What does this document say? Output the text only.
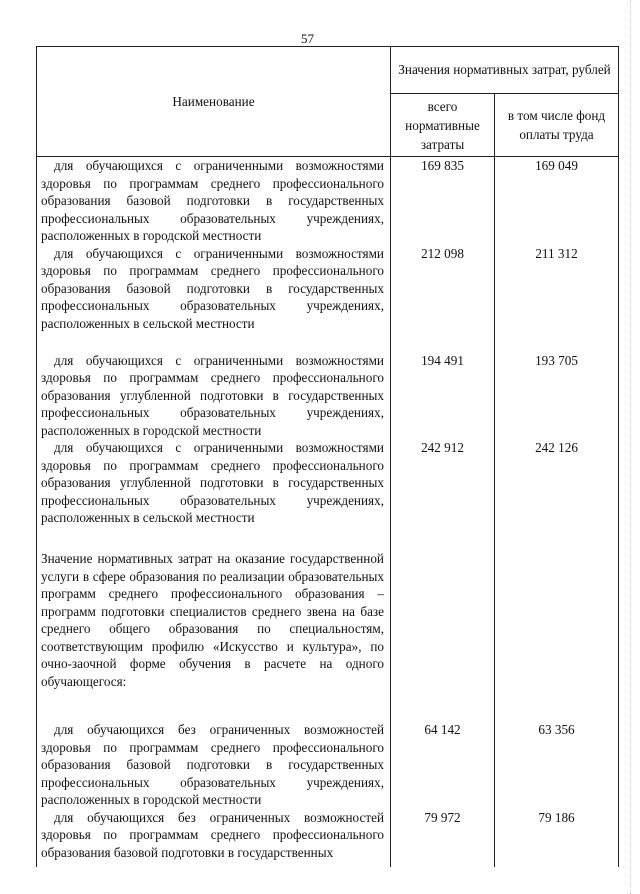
57
Наименование	Значения нормативных затрат, рублей	
	всего нормативные затраты	в том числе фонд оплаты труда
для обучающихся с ограниченными возможностями здоровья по программам среднего профессионального образования базовой подготовки в государственных профессиональных образовательных учреждениях, расположенных в городской местности	169 835	169 049
для обучающихся с ограниченными возможностями здоровья по программам среднего профессионального образования базовой подготовки в государственных профессиональных образовательных учреждениях, расположенных в сельской местности	212 098	211 312
для обучающихся с ограниченными возможностями здоровья по программам среднего профессионального образования углубленной подготовки в государственных профессиональных образовательных учреждениях, расположенных в городской местности	194 491	193 705
для обучающихся с ограниченными возможностями здоровья по программам среднего профессионального образования углубленной подготовки в государственных профессиональных образовательных учреждениях, расположенных в сельской местности	242 912	242 126
Значение нормативных затрат на оказание государственной услуги в сфере образования по реализации образовательных программ среднего профессионального образования – программ подготовки специалистов среднего звена на базе среднего общего образования по специальностям, соответствующим профилю «Искусство и культура», по очно-заочной форме обучения в расчете на одного обучающегося:		
для обучающихся без ограниченных возможностей здоровья по программам среднего профессионального образования базовой подготовки в государственных профессиональных образовательных учреждениях, расположенных в городской местности	64 142	63 356
для обучающихся без ограниченных возможностей здоровья по программам среднего профессионального образования базовой подготовки в государственных	79 972	79 186
